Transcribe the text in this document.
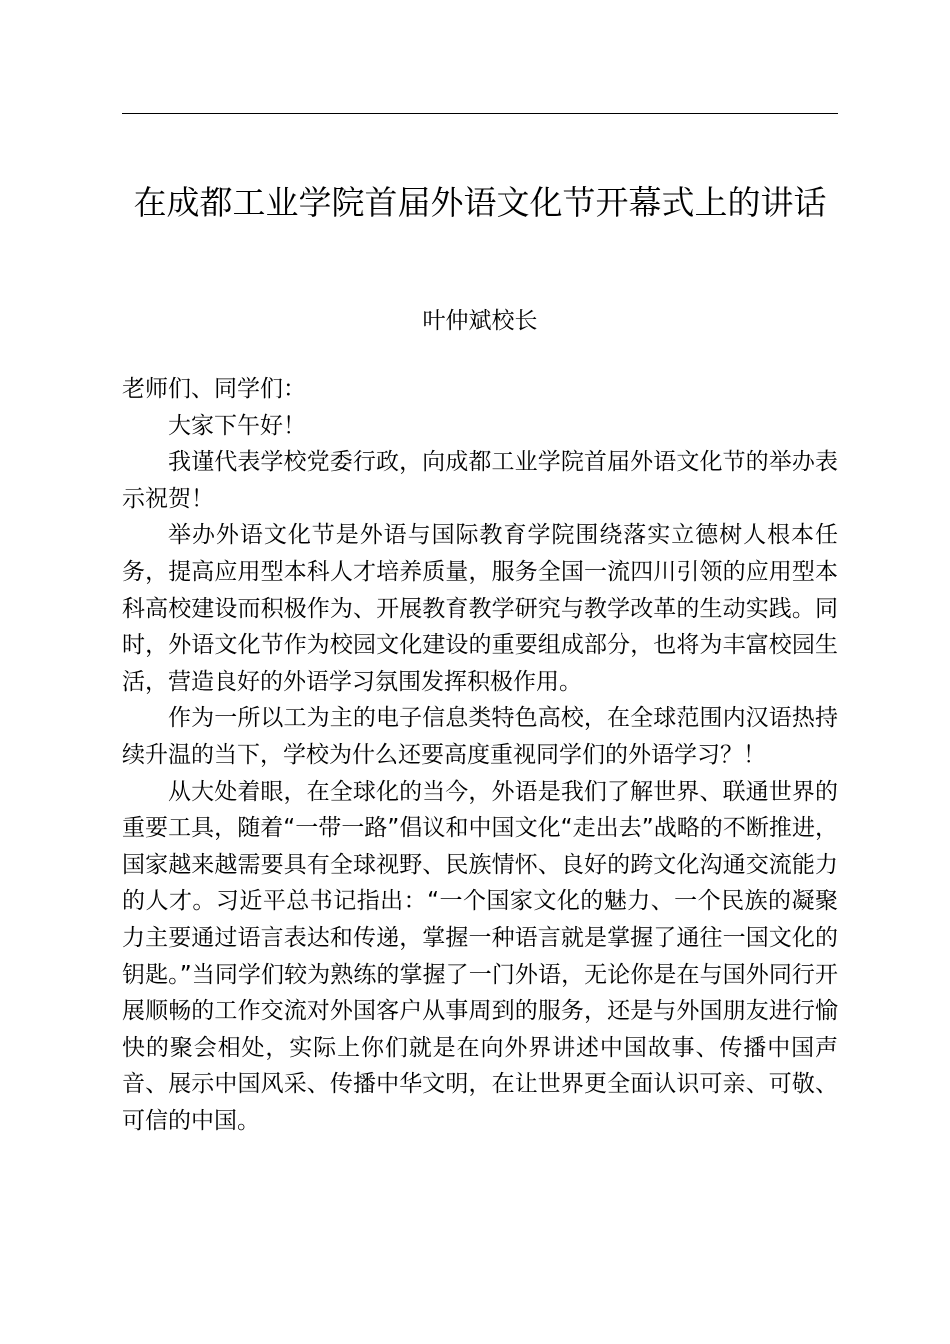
在成都工业学院首届外语文化节开幕式上的讲话

叶仲斌校长

老师们、同学们：

大家下午好！

我谨代表学校党委行政，向成都工业学院首届外语文化节的举办表示祝贺！

举办外语文化节是外语与国际教育学院围绕落实立德树人根本任务，提高应用型本科人才培养质量，服务全国一流四川引领的应用型本科高校建设而积极作为、开展教育教学研究与教学改革的生动实践。同时，外语文化节作为校园文化建设的重要组成部分，也将为丰富校园生活，营造良好的外语学习氛围发挥积极作用。

作为一所以工为主的电子信息类特色高校，在全球范围内汉语热持续升温的当下，学校为什么还要高度重视同学们的外语学习？！

从大处着眼，在全球化的当今，外语是我们了解世界、联通世界的重要工具，随着“一带一路”倡议和中国文化“走出去”战略的不断推进，国家越来越需要具有全球视野、民族情怀、良好的跨文化沟通交流能力的人才。习近平总书记指出：“一个国家文化的魅力、一个民族的凝聚力主要通过语言表达和传递，掌握一种语言就是掌握了通往一国文化的钥匙。”当同学们较为熟练的掌握了一门外语，无论你是在与国外同行开展顺畅的工作交流对外国客户从事周到的服务，还是与外国朋友进行愉快的聚会相处，实际上你们就是在向外界讲述中国故事、传播中国声音、展示中国风采、传播中华文明，在让世界更全面认识可亲、可敬、可信的中国。
